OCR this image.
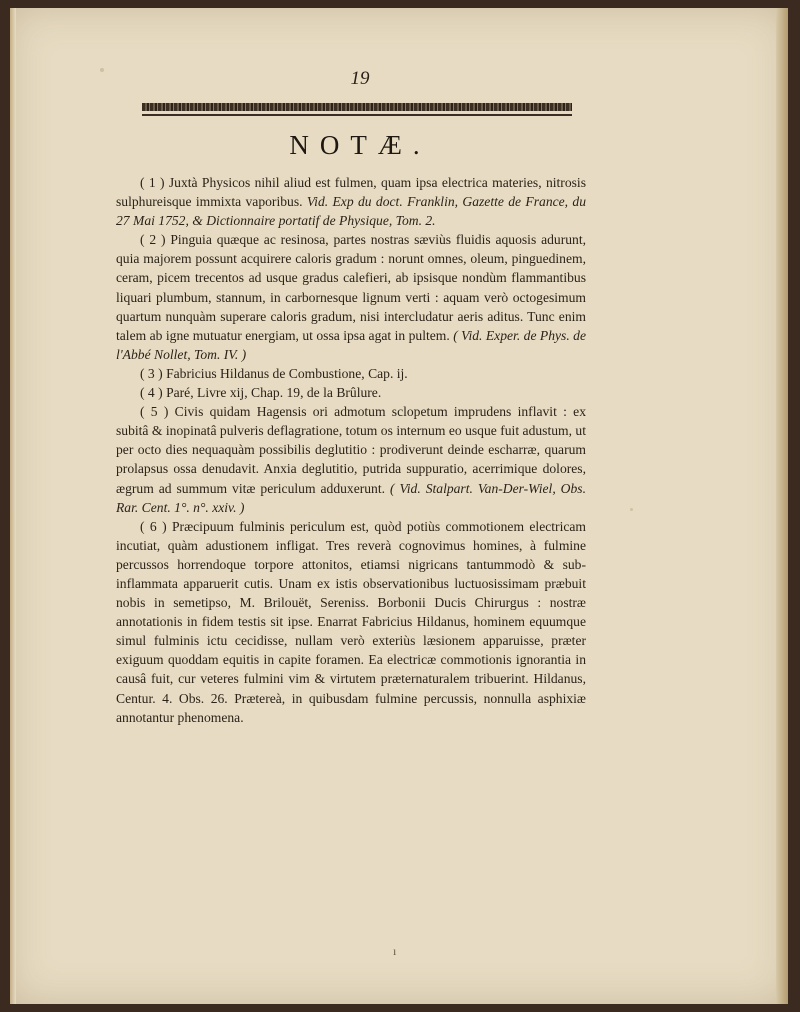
19
NOTÆ.

( 1 ) Juxtà Physicos nihil aliud est fulmen, quam ipsa electrica materies, nitrosis sulphureisque immixta vaporibus. Vid. Exp du doct. Franklin, Gazette de France, du 27 Mai 1752, & Dictionnaire portatif de Physique, Tom. 2.

( 2 ) Pinguia quæque ac resinosa, partes nostras sæviùs fluidis aquosis adurunt, quia majorem possunt acquirere caloris gradum : norunt omnes, oleum, pinguedinem, ceram, picem trecentos ad usque gradus calefieri, ab ipsisque nondùm flammantibus liquari plumbum, stannum, in carbornesque lignum verti : aquam verò octogesimum quartum nunquàm superare caloris gradum, nisi intercludatur aeris aditus. Tunc enim talem ab igne mutuatur energiam, ut ossa ipsa agat in pultem. ( Vid. Exper. de Phys. de l'Abbé Nollet, Tom. IV. )

( 3 ) Fabricius Hildanus de Combustione, Cap. ij.

( 4 ) Paré, Livre xij, Chap. 19, de la Brûlure.

( 5 ) Civis quidam Hagensis ori admotum sclopetum imprudens inflavit : ex subitâ & inopinatâ pulveris deflagratione, totum os internum eo usque fuit adustum, ut per octo dies nequaquàm possibilis deglutitio : prodiverunt deinde escharræ, quarum prolapsus ossa denudavit. Anxia deglutitio, putrida suppuratio, acerrimique dolores, ægrum ad summum vitæ periculum adduxerunt. ( Vid. Stalpart. Van-Der-Wiel, Obs. Rar. Cent. 1°. n°. xxiv. )

( 6 ) Præcipuum fulminis periculum est, quòd potiùs commotionem electricam incutiat, quàm adustionem infligat. Tres reverà cognovimus homines, à fulmine percussos horrendoque torpore attonitos, etiamsi nigricans tantummodò & sub-inflammata apparuerit cutis. Unam ex istis observationibus luctuosissimam præbuit nobis in semetipso, M. Brilouët, Sereniss. Borbonii Ducis Chirurgus : nostræ annotationis in fidem testis sit ipse. Enarrat Fabricius Hildanus, hominem equumque simul fulminis ictu cecidisse, nullam verò exteriùs læsionem apparuisse, præter exiguum quoddam equitis in capite foramen. Ea electricæ commotionis ignorantia in causâ fuit, cur veteres fulmini vim & virtutem præternaturalem tribuerint. Hildanus, Centur. 4. Obs. 26. Prætereà, in quibusdam fulmine percussis, nonnulla asphixiæ annotantur phenomena.

ı
